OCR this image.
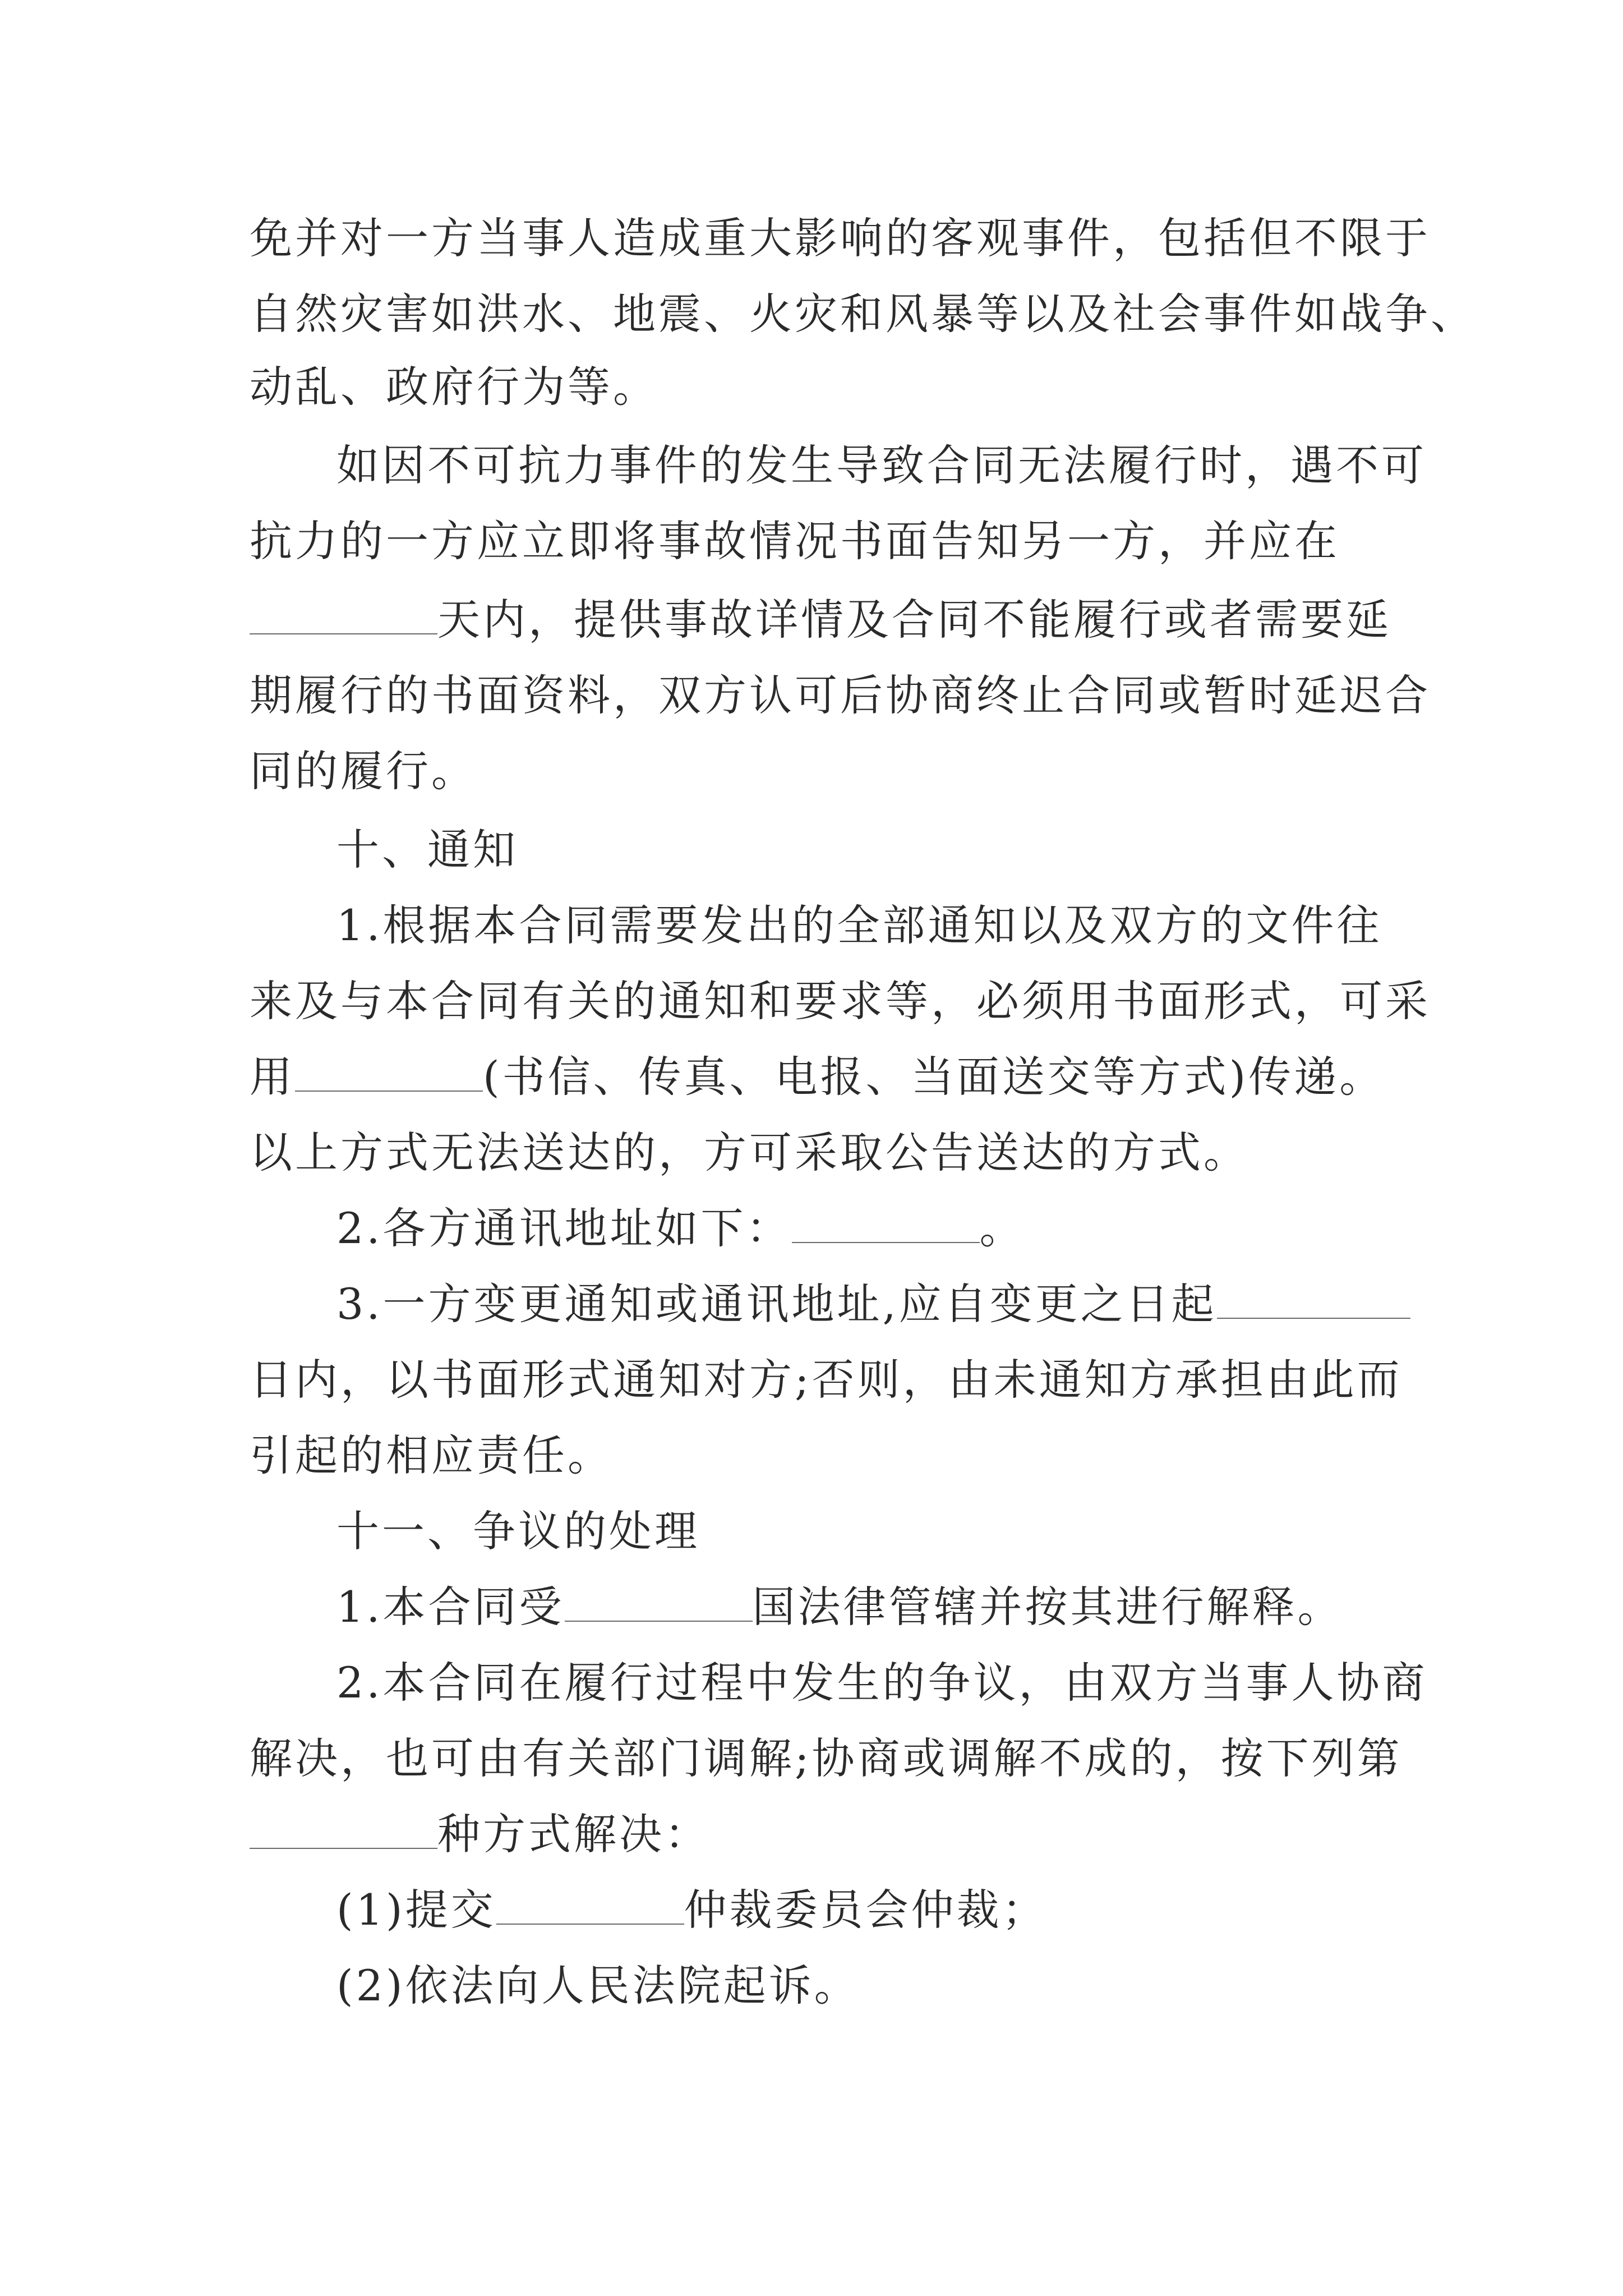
免并对一方当事人造成重大影响的客观事件，包括但不限于
自然灾害如洪水、地震、火灾和风暴等以及社会事件如战争、
动乱、政府行为等。
如因不可抗力事件的发生导致合同无法履行时，遇不可
抗力的一方应立即将事故情况书面告知另一方，并应在
天内，提供事故详情及合同不能履行或者需要延
期履行的书面资料，双方认可后协商终止合同或暂时延迟合
同的履行。
十、通知
1.根据本合同需要发出的全部通知以及双方的文件往
来及与本合同有关的通知和要求等，必须用书面形式，可采
用	(书信、传真、电报、当面送交等方式)传递。
以上方式无法送达的，方可采取公告送达的方式。
2.各方通讯地址如下：	。
3.一方变更通知或通讯地址,应自变更之日起
日内，以书面形式通知对方;否则，由未通知方承担由此而
引起的相应责任。
十一、争议的处理
1.本合同受	国法律管辖并按其进行解释。
2.本合同在履行过程中发生的争议，由双方当事人协商
解决，也可由有关部门调解;协商或调解不成的，按下列第
种方式解决：
(1)提交	仲裁委员会仲裁；
(2)依法向人民法院起诉。
